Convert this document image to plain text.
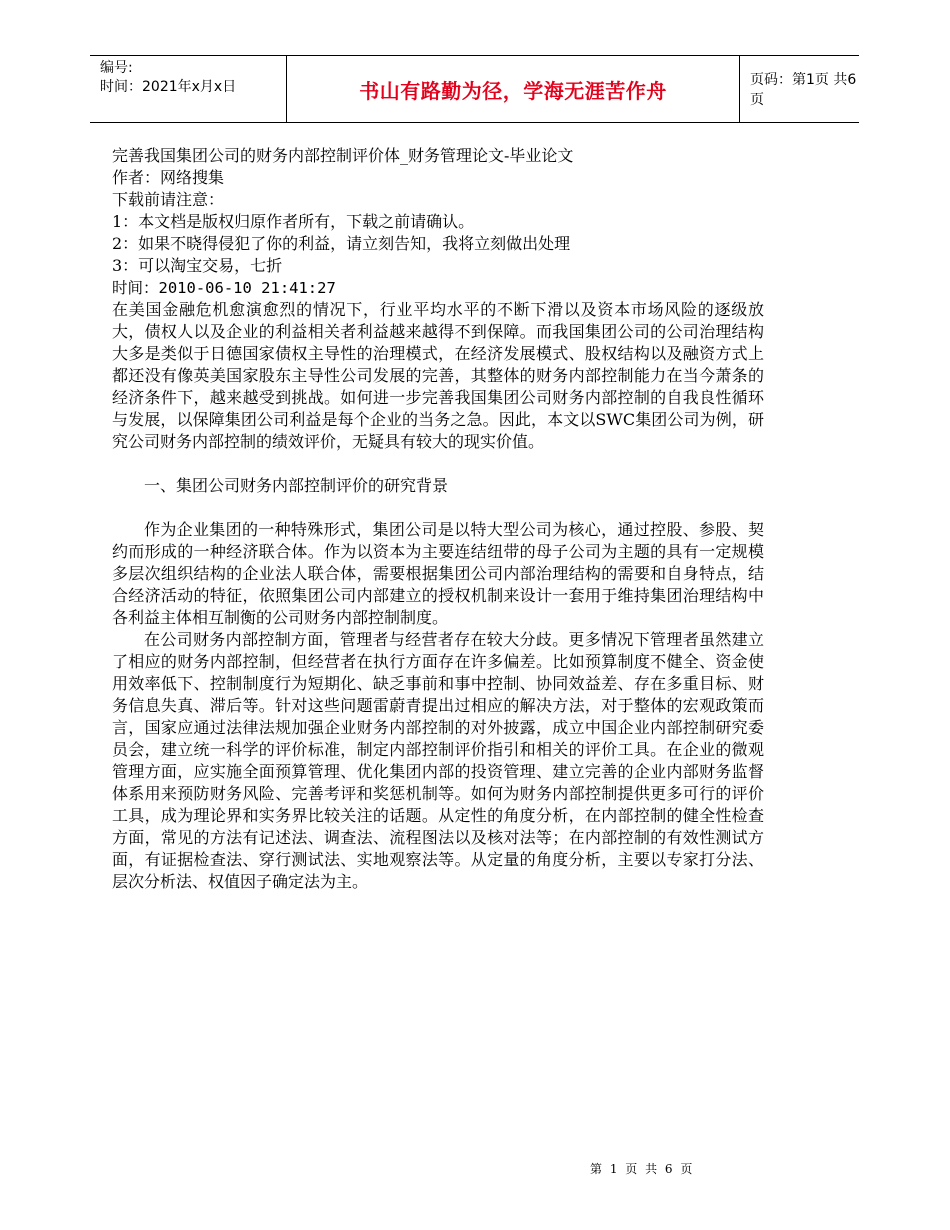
编号:
时间：2021年x月x日	书山有路勤为径，学海无涯苦作舟	页码：第1页 共6页
完善我国集团公司的财务内部控制评价体_财务管理论文-毕业论文
作者：网络搜集
下载前请注意：
1：本文档是版权归原作者所有，下载之前请确认。
2：如果不晓得侵犯了你的利益，请立刻告知，我将立刻做出处理
3：可以淘宝交易，七折
时间：2010-06-10 21:41:27
在美国金融危机愈演愈烈的情况下，行业平均水平的不断下滑以及资本市场风险的逐级放大，债权人以及企业的利益相关者利益越来越得不到保障。而我国集团公司的公司治理结构大多是类似于日德国家债权主导性的治理模式，在经济发展模式、股权结构以及融资方式上都还没有像英美国家股东主导性公司发展的完善，其整体的财务内部控制能力在当今萧条的经济条件下，越来越受到挑战。如何进一步完善我国集团公司财务内部控制的自我良性循环与发展，以保障集团公司利益是每个企业的当务之急。因此，本文以SWC集团公司为例，研究公司财务内部控制的绩效评价，无疑具有较大的现实价值。
一、集团公司财务内部控制评价的研究背景
作为企业集团的一种特殊形式，集团公司是以特大型公司为核心，通过控股、参股、契约而形成的一种经济联合体。作为以资本为主要连结纽带的母子公司为主题的具有一定规模多层次组织结构的企业法人联合体，需要根据集团公司内部治理结构的需要和自身特点，结合经济活动的特征，依照集团公司内部建立的授权机制来设计一套用于维持集团治理结构中各利益主体相互制衡的公司财务内部控制制度。
在公司财务内部控制方面，管理者与经营者存在较大分歧。更多情况下管理者虽然建立了相应的财务内部控制，但经营者在执行方面存在许多偏差。比如预算制度不健全、资金使用效率低下、控制制度行为短期化、缺乏事前和事中控制、协同效益差、存在多重目标、财务信息失真、滞后等。针对这些问题雷蔚青提出过相应的解决方法，对于整体的宏观政策而言，国家应通过法律法规加强企业财务内部控制的对外披露，成立中国企业内部控制研究委员会，建立统一科学的评价标准，制定内部控制评价指引和相关的评价工具。在企业的微观管理方面，应实施全面预算管理、优化集团内部的投资管理、建立完善的企业内部财务监督体系用来预防财务风险、完善考评和奖惩机制等。如何为财务内部控制提供更多可行的评价工具，成为理论界和实务界比较关注的话题。从定性的角度分析，在内部控制的健全性检查方面，常见的方法有记述法、调查法、流程图法以及核对法等；在内部控制的有效性测试方面，有证据检查法、穿行测试法、实地观察法等。从定量的角度分析，主要以专家打分法、层次分析法、权值因子确定法为主。
第 1 页 共 6 页
